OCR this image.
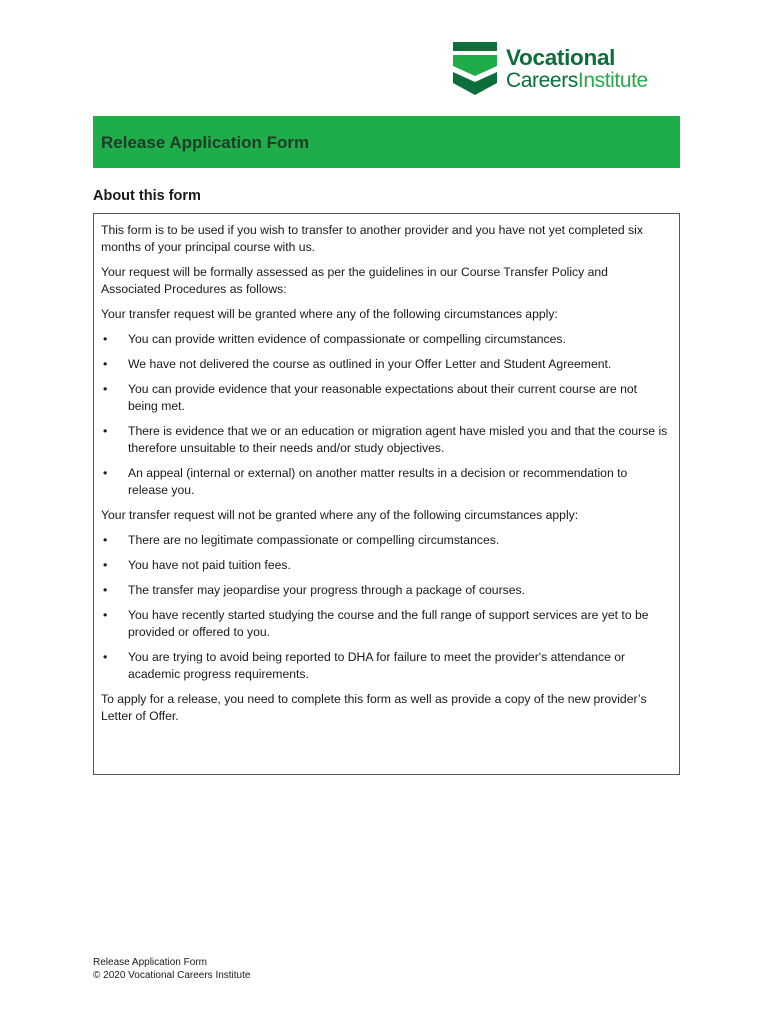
Vocational
CareersInstitute
Release Application Form
About this form

This form is to be used if you wish to transfer to another provider and you have not yet completed six months of your principal course with us.

Your request will be formally assessed as per the guidelines in our Course Transfer Policy and Associated Procedures as follows:

Your transfer request will be granted where any of the following circumstances apply:

• You can provide written evidence of compassionate or compelling circumstances.
• We have not delivered the course as outlined in your Offer Letter and Student Agreement.
• You can provide evidence that your reasonable expectations about their current course are not being met.
• There is evidence that we or an education or migration agent have misled you and that the course is therefore unsuitable to their needs and/or study objectives.
• An appeal (internal or external) on another matter results in a decision or recommendation to release you.

Your transfer request will not be granted where any of the following circumstances apply:

• There are no legitimate compassionate or compelling circumstances.
• You have not paid tuition fees.
• The transfer may jeopardise your progress through a package of courses.
• You have recently started studying the course and the full range of support services are yet to be provided or offered to you.
• You are trying to avoid being reported to DHA for failure to meet the provider's attendance or academic progress requirements.

To apply for a release, you need to complete this form as well as provide a copy of the new provider’s Letter of Offer.

Release Application Form
© 2020 Vocational Careers Institute
